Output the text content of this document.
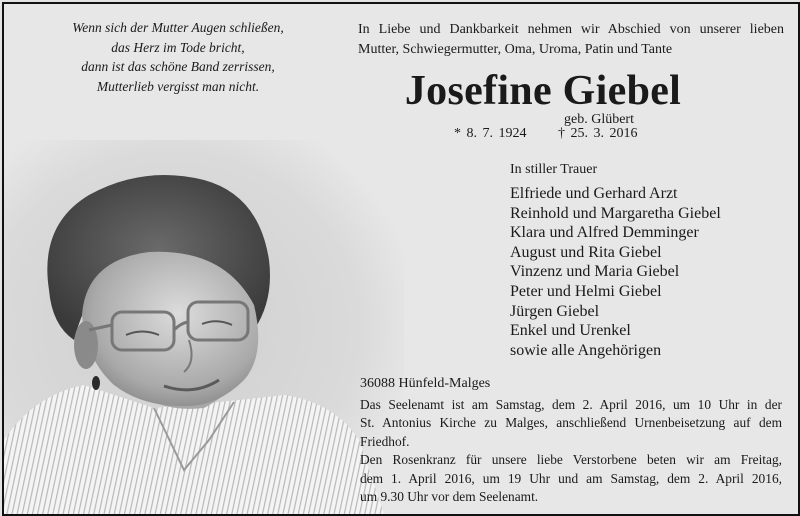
Wenn sich der Mutter Augen schließen,
das Herz im Tode bricht,
dann ist das schöne Band zerrissen,
Mutterlieb vergisst man nicht.
In Liebe und Dankbarkeit nehmen wir Abschied von unserer lieben
Mutter, Schwiegermutter, Oma, Uroma, Patin und Tante
Josefine Giebel
geb. Glübert
* 8. 7. 1924 † 25. 3. 2016
In stiller Trauer
Elfriede und Gerhard Arzt
Reinhold und Margaretha Giebel
Klara und Alfred Demminger
August und Rita Giebel
Vinzenz und Maria Giebel
Peter und Helmi Giebel
Jürgen Giebel
Enkel und Urenkel
sowie alle Angehörigen
36088 Hünfeld-Malges

Das Seelenamt ist am Samstag, dem 2. April 2016, um 10 Uhr in der
St. Antonius Kirche zu Malges, anschließend Urnenbeisetzung auf dem
Friedhof.

Den Rosenkranz für unsere liebe Verstorbene beten wir am Freitag,
dem 1. April 2016, um 19 Uhr und am Samstag, dem 2. April 2016,
um 9.30 Uhr vor dem Seelenamt.
